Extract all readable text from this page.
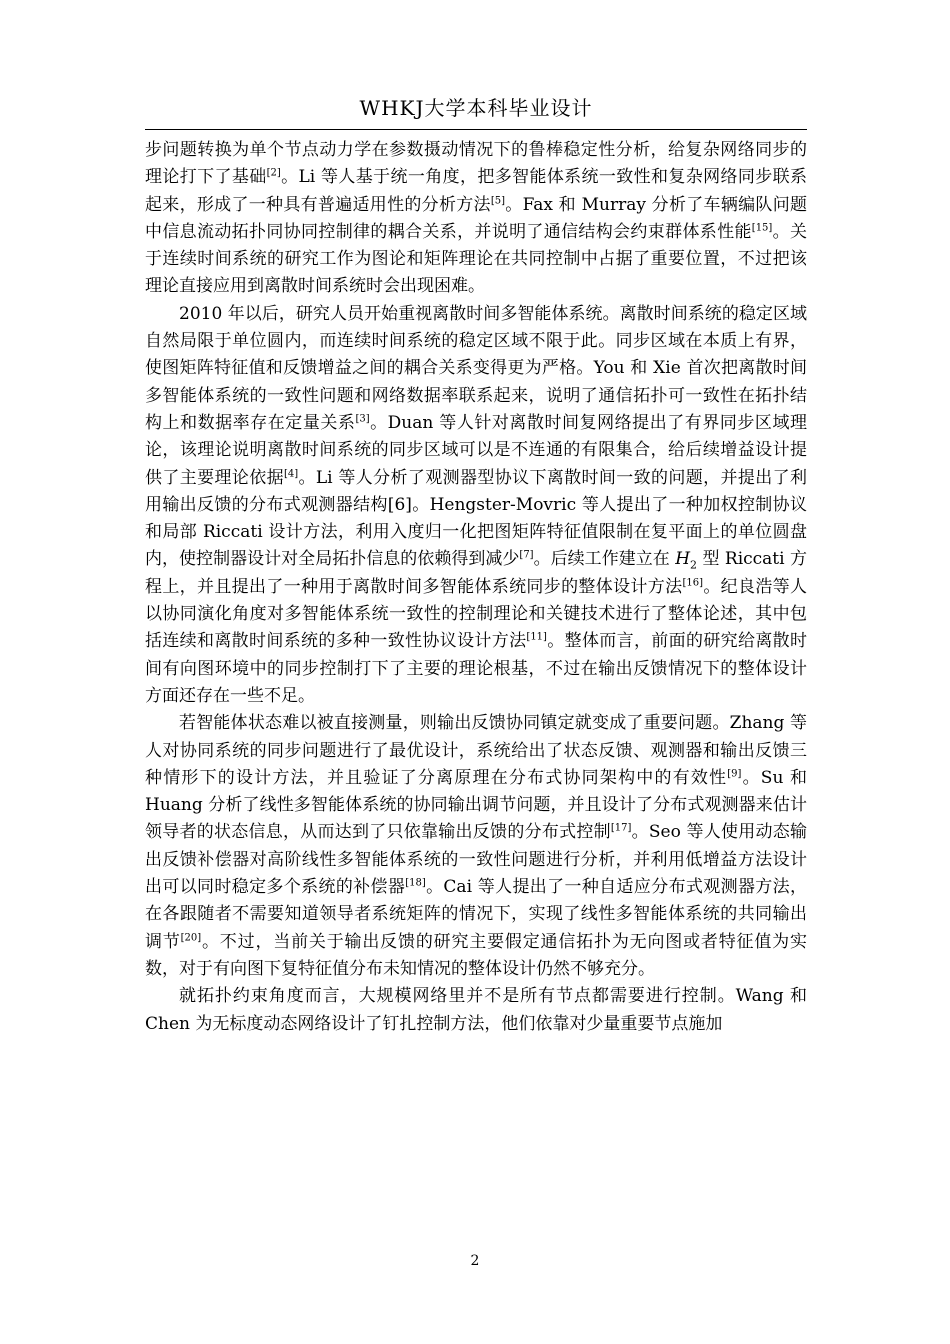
WHKJ大学本科毕业设计

步问题转换为单个节点动力学在参数摄动情况下的鲁棒稳定性分析，给复杂网络同步的理论打下了基础[2]。Li 等人基于统一角度，把多智能体系统一致性和复杂网络同步联系起来，形成了一种具有普遍适用性的分析方法[5]。Fax 和 Murray 分析了车辆编队问题中信息流动拓扑同协同控制律的耦合关系，并说明了通信结构会约束群体系性能[15]。关于连续时间系统的研究工作为图论和矩阵理论在共同控制中占据了重要位置，不过把该理论直接应用到离散时间系统时会出现困难。

2010 年以后，研究人员开始重视离散时间多智能体系统。离散时间系统的稳定区域自然局限于单位圆内，而连续时间系统的稳定区域不限于此。同步区域在本质上有界，使图矩阵特征值和反馈增益之间的耦合关系变得更为严格。You 和 Xie 首次把离散时间多智能体系统的一致性问题和网络数据率联系起来，说明了通信拓扑可一致性在拓扑结构上和数据率存在定量关系[3]。Duan 等人针对离散时间复网络提出了有界同步区域理论，该理论说明离散时间系统的同步区域可以是不连通的有限集合，给后续增益设计提供了主要理论依据[4]。Li 等人分析了观测器型协议下离散时间一致的问题，并提出了利用输出反馈的分布式观测器结构[6]。Hengster-Movric 等人提出了一种加权控制协议和局部 Riccati 设计方法，利用入度归一化把图矩阵特征值限制在复平面上的单位圆盘内，使控制器设计对全局拓扑信息的依赖得到减少[7]。后续工作建立在 $H_2$ 型 Riccati 方程上，并且提出了一种用于离散时间多智能体系统同步的整体设计方法[16]。纪良浩等人以协同演化角度对多智能体系统一致性的控制理论和关键技术进行了整体论述，其中包括连续和离散时间系统的多种一致性协议设计方法[11]。整体而言，前面的研究给离散时间有向图环境中的同步控制打下了主要的理论根基，不过在输出反馈情况下的整体设计方面还存在一些不足。

若智能体状态难以被直接测量，则输出反馈协同镇定就变成了重要问题。Zhang 等人对协同系统的同步问题进行了最优设计，系统给出了状态反馈、观测器和输出反馈三种情形下的设计方法，并且验证了分离原理在分布式协同架构中的有效性[9]。Su 和 Huang 分析了线性多智能体系统的协同输出调节问题，并且设计了分布式观测器来估计领导者的状态信息，从而达到了只依靠输出反馈的分布式控制[17]。Seo 等人使用动态输出反馈补偿器对高阶线性多智能体系统的一致性问题进行分析，并利用低增益方法设计出可以同时稳定多个系统的补偿器[18]。Cai 等人提出了一种自适应分布式观测器方法，在各跟随者不需要知道领导者系统矩阵的情况下，实现了线性多智能体系统的共同输出调节[20]。不过，当前关于输出反馈的研究主要假定通信拓扑为无向图或者特征值为实数，对于有向图下复特征值分布未知情况的整体设计仍然不够充分。

就拓扑约束角度而言，大规模网络里并不是所有节点都需要进行控制。Wang 和 Chen 为无标度动态网络设计了钉扎控制方法，他们依靠对少量重要节点施加

2
